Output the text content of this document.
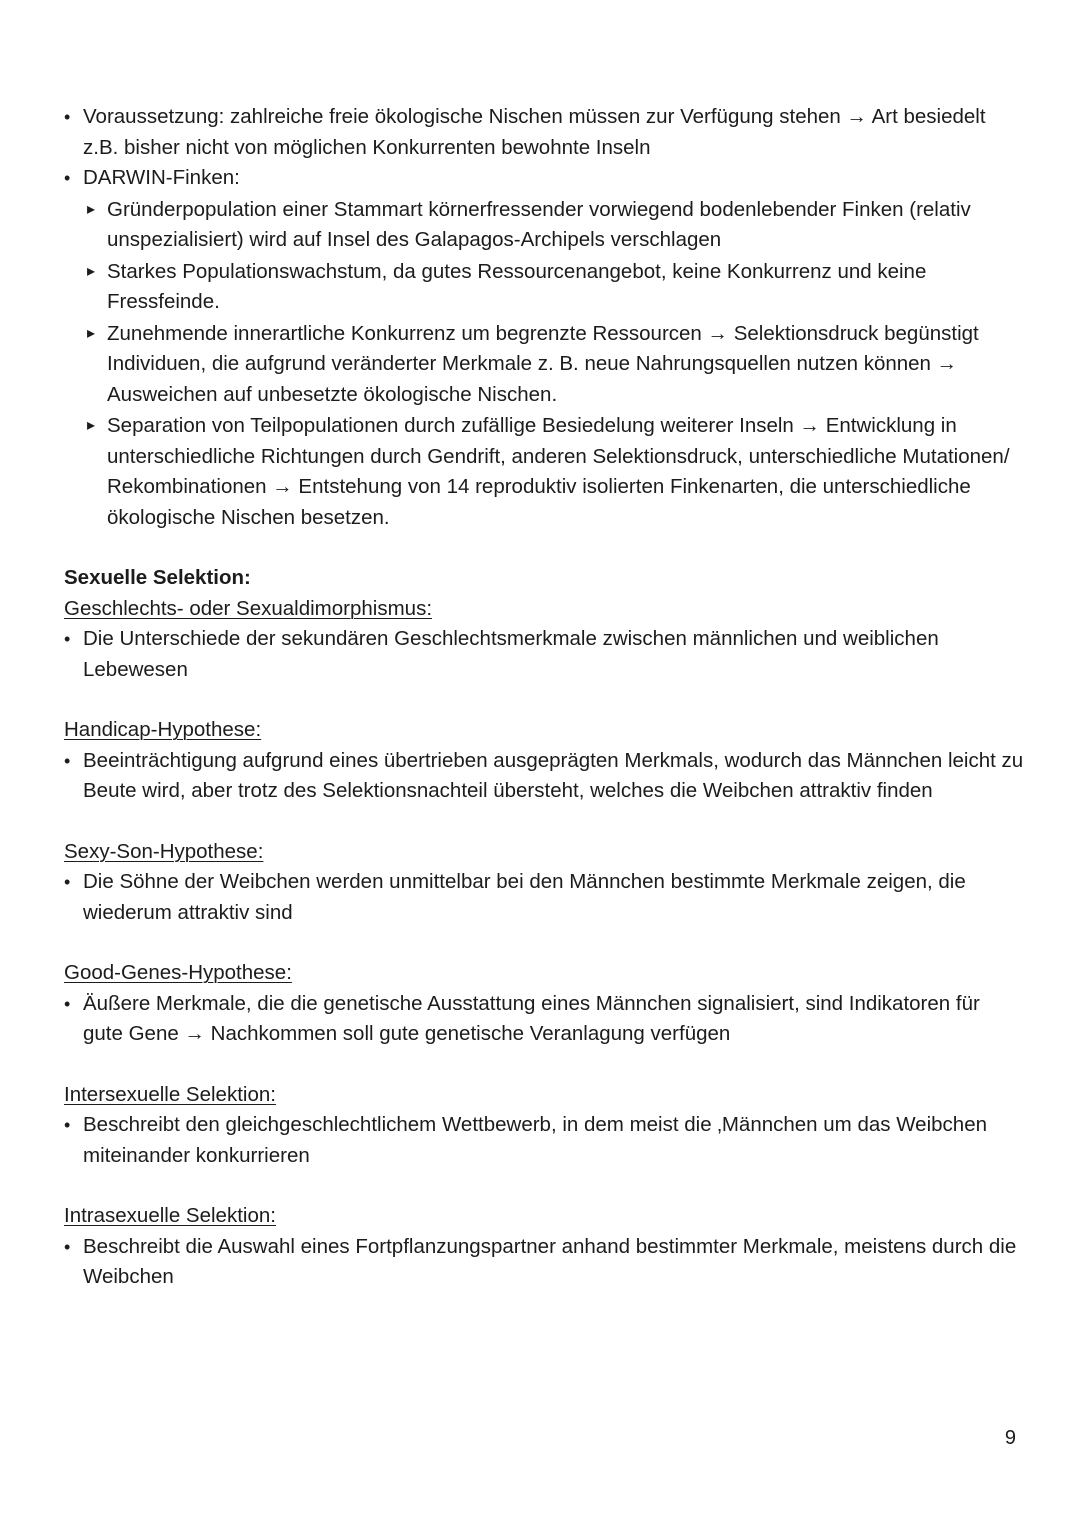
• Voraussetzung: zahlreiche freie ökologische Nischen müssen zur Verfügung stehen → Art besiedelt z.B. bisher nicht von möglichen Konkurrenten bewohnte Inseln
• DARWIN-Finken:
▸ Gründerpopulation einer Stammart körnerfressender vorwiegend bodenlebender Finken (relativ unspezialisiert) wird auf Insel des Galapagos-Archipels verschlagen
▸ Starkes Populationswachstum, da gutes Ressourcenangebot, keine Konkurrenz und keine Fressfeinde.
▸ Zunehmende innerartliche Konkurrenz um begrenzte Ressourcen → Selektionsdruck begünstigt Individuen, die aufgrund veränderter Merkmale z. B. neue Nahrungsquellen nutzen können → Ausweichen auf unbesetzte ökologische Nischen.
▸ Separation von Teilpopulationen durch zufällige Besiedelung weiterer Inseln → Entwicklung in unterschiedliche Richtungen durch Gendrift, anderen Selektionsdruck, unterschiedliche Mutationen/ Rekombinationen → Entstehung von 14 reproduktiv isolierten Finkenarten, die unterschiedliche ökologische Nischen besetzen.
Sexuelle Selektion:
Geschlechts- oder Sexualdimorphismus:
• Die Unterschiede der sekundären Geschlechtsmerkmale zwischen männlichen und weiblichen Lebewesen
Handicap-Hypothese:
• Beeinträchtigung aufgrund eines übertrieben ausgeprägten Merkmals, wodurch das Männchen leicht zu Beute wird, aber trotz des Selektionsnachteil übersteht, welches die Weibchen attraktiv finden
Sexy-Son-Hypothese:
• Die Söhne der Weibchen werden unmittelbar bei den Männchen bestimmte Merkmale zeigen, die wiederum attraktiv sind
Good-Genes-Hypothese:
• Äußere Merkmale, die die genetische Ausstattung eines Männchen signalisiert, sind Indikatoren für gute Gene → Nachkommen soll gute genetische Veranlagung verfügen
Intersexuelle Selektion:
• Beschreibt den gleichgeschlechtlichem Wettbewerb, in dem meist die ‚Männchen um das Weibchen miteinander konkurrieren
Intrasexuelle Selektion:
• Beschreibt die Auswahl eines Fortpflanzungspartner anhand bestimmter Merkmale, meistens durch die Weibchen
9
